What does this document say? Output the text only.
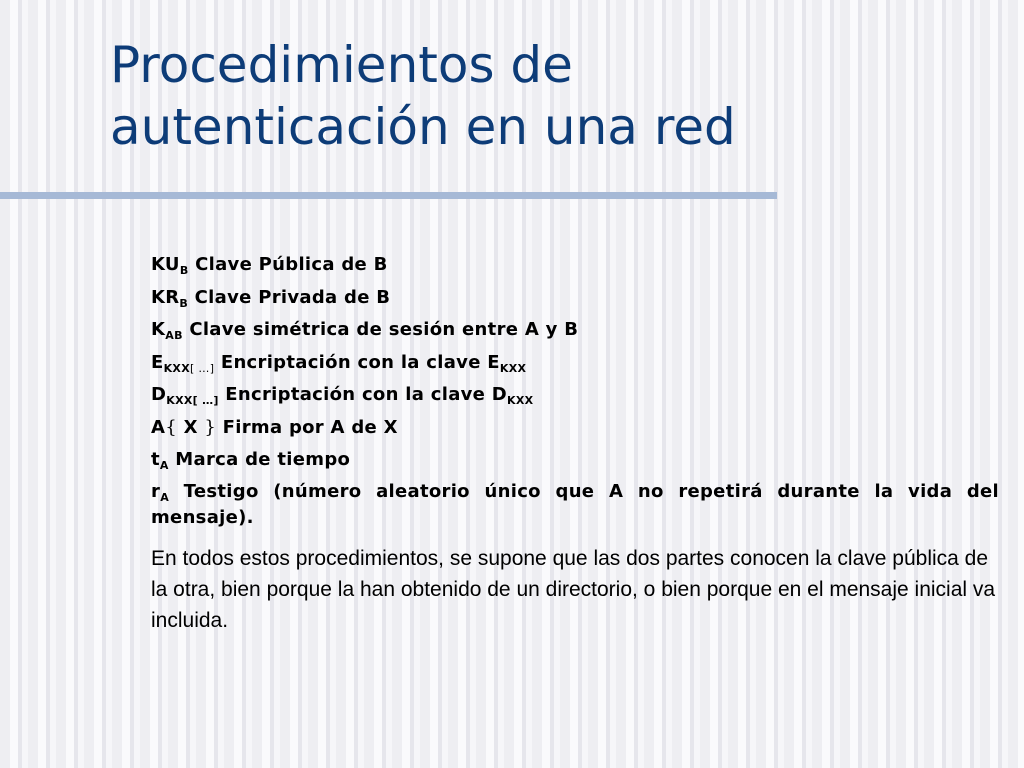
Procedimientos de
autenticación en una red
$KU_B$ Clave Pública de B
$KR_B$ Clave Privada de B
$K_{AB}$ Clave simétrica de sesión entre A y B
$E_{KXX[ \dots]}$ Encriptación con la clave $E_{KXX}$
$D_{KXX[ \dots]}$ Encriptación con la clave $D_{KXX}$
A{ X } Firma por A de X
$t_A$ Marca de tiempo
$r_A$ Testigo (número aleatorio único que A no repetirá durante la vida del mensaje).
En todos estos procedimientos, se supone que las dos partes conocen la clave pública de la otra, bien porque la han obtenido de un directorio, o bien porque en el mensaje inicial va incluida.
